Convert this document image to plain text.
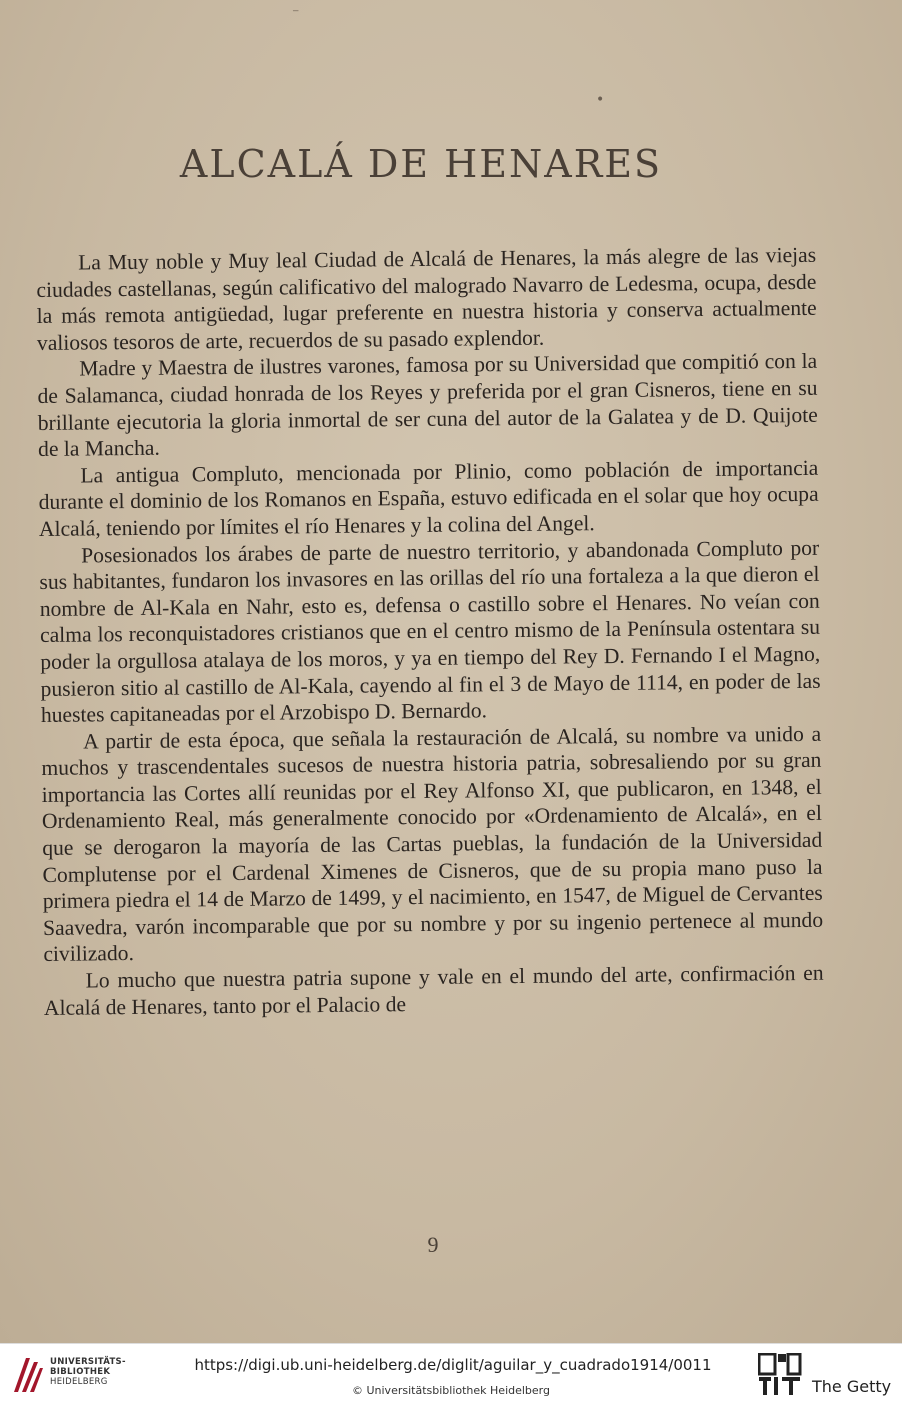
⁻
•
ALCALÁ DE HENARES

La Muy noble y Muy leal Ciudad de Alcalá de Henares, la más alegre de las viejas ciudades castellanas, según calificativo del malogrado Navarro de Ledesma, ocupa, desde la más remota antigüedad, lugar preferente en nuestra historia y conserva actualmente valiosos tesoros de arte, recuerdos de su pasado explendor.

Madre y Maestra de ilustres varones, famosa por su Universidad que compitió con la de Salamanca, ciudad honrada de los Reyes y preferida por el gran Cisneros, tiene en su brillante ejecutoria la gloria inmortal de ser cuna del autor de la Galatea y de D. Quijote de la Mancha.

La antigua Compluto, mencionada por Plinio, como población de importancia durante el dominio de los Romanos en España, estuvo edificada en el solar que hoy ocupa Alcalá, teniendo por límites el río Henares y la colina del Angel.

Posesionados los árabes de parte de nuestro territorio, y abandonada Compluto por sus habitantes, fundaron los invasores en las orillas del río una fortaleza a la que dieron el nombre de Al-Kala en Nahr, esto es, defensa o castillo sobre el Henares. No veían con calma los reconquistadores cristianos que en el centro mismo de la Península ostentara su poder la orgullosa atalaya de los moros, y ya en tiempo del Rey D. Fernando I el Magno, pusieron sitio al castillo de Al-Kala, cayendo al fin el 3 de Mayo de 1114, en poder de las huestes capitaneadas por el Arzobispo D. Bernardo.

A partir de esta época, que señala la restauración de Alcalá, su nombre va unido a muchos y trascendentales sucesos de nuestra historia patria, sobresaliendo por su gran importancia las Cortes allí reunidas por el Rey Alfonso XI, que publicaron, en 1348, el Ordenamiento Real, más generalmente conocido por «Ordenamiento de Alcalá», en el que se derogaron la mayoría de las Cartas pueblas, la fundación de la Universidad Complutense por el Cardenal Ximenes de Cisneros, que de su propia mano puso la primera piedra el 14 de Marzo de 1499, y el nacimiento, en 1547, de Miguel de Cervantes Saavedra, varón incomparable que por su nombre y por su ingenio pertenece al mundo civilizado.

Lo mucho que nuestra patria supone y vale en el mundo del arte, confirmación en Alcalá de Henares, tanto por el Palacio de

9
UNIVERSITÄTS-
BIBLIOTHEK
HEIDELBERG
https://digi.ub.uni-heidelberg.de/diglit/aguilar_y_cuadrado1914/0011
© Universitätsbibliothek Heidelberg	The Getty
